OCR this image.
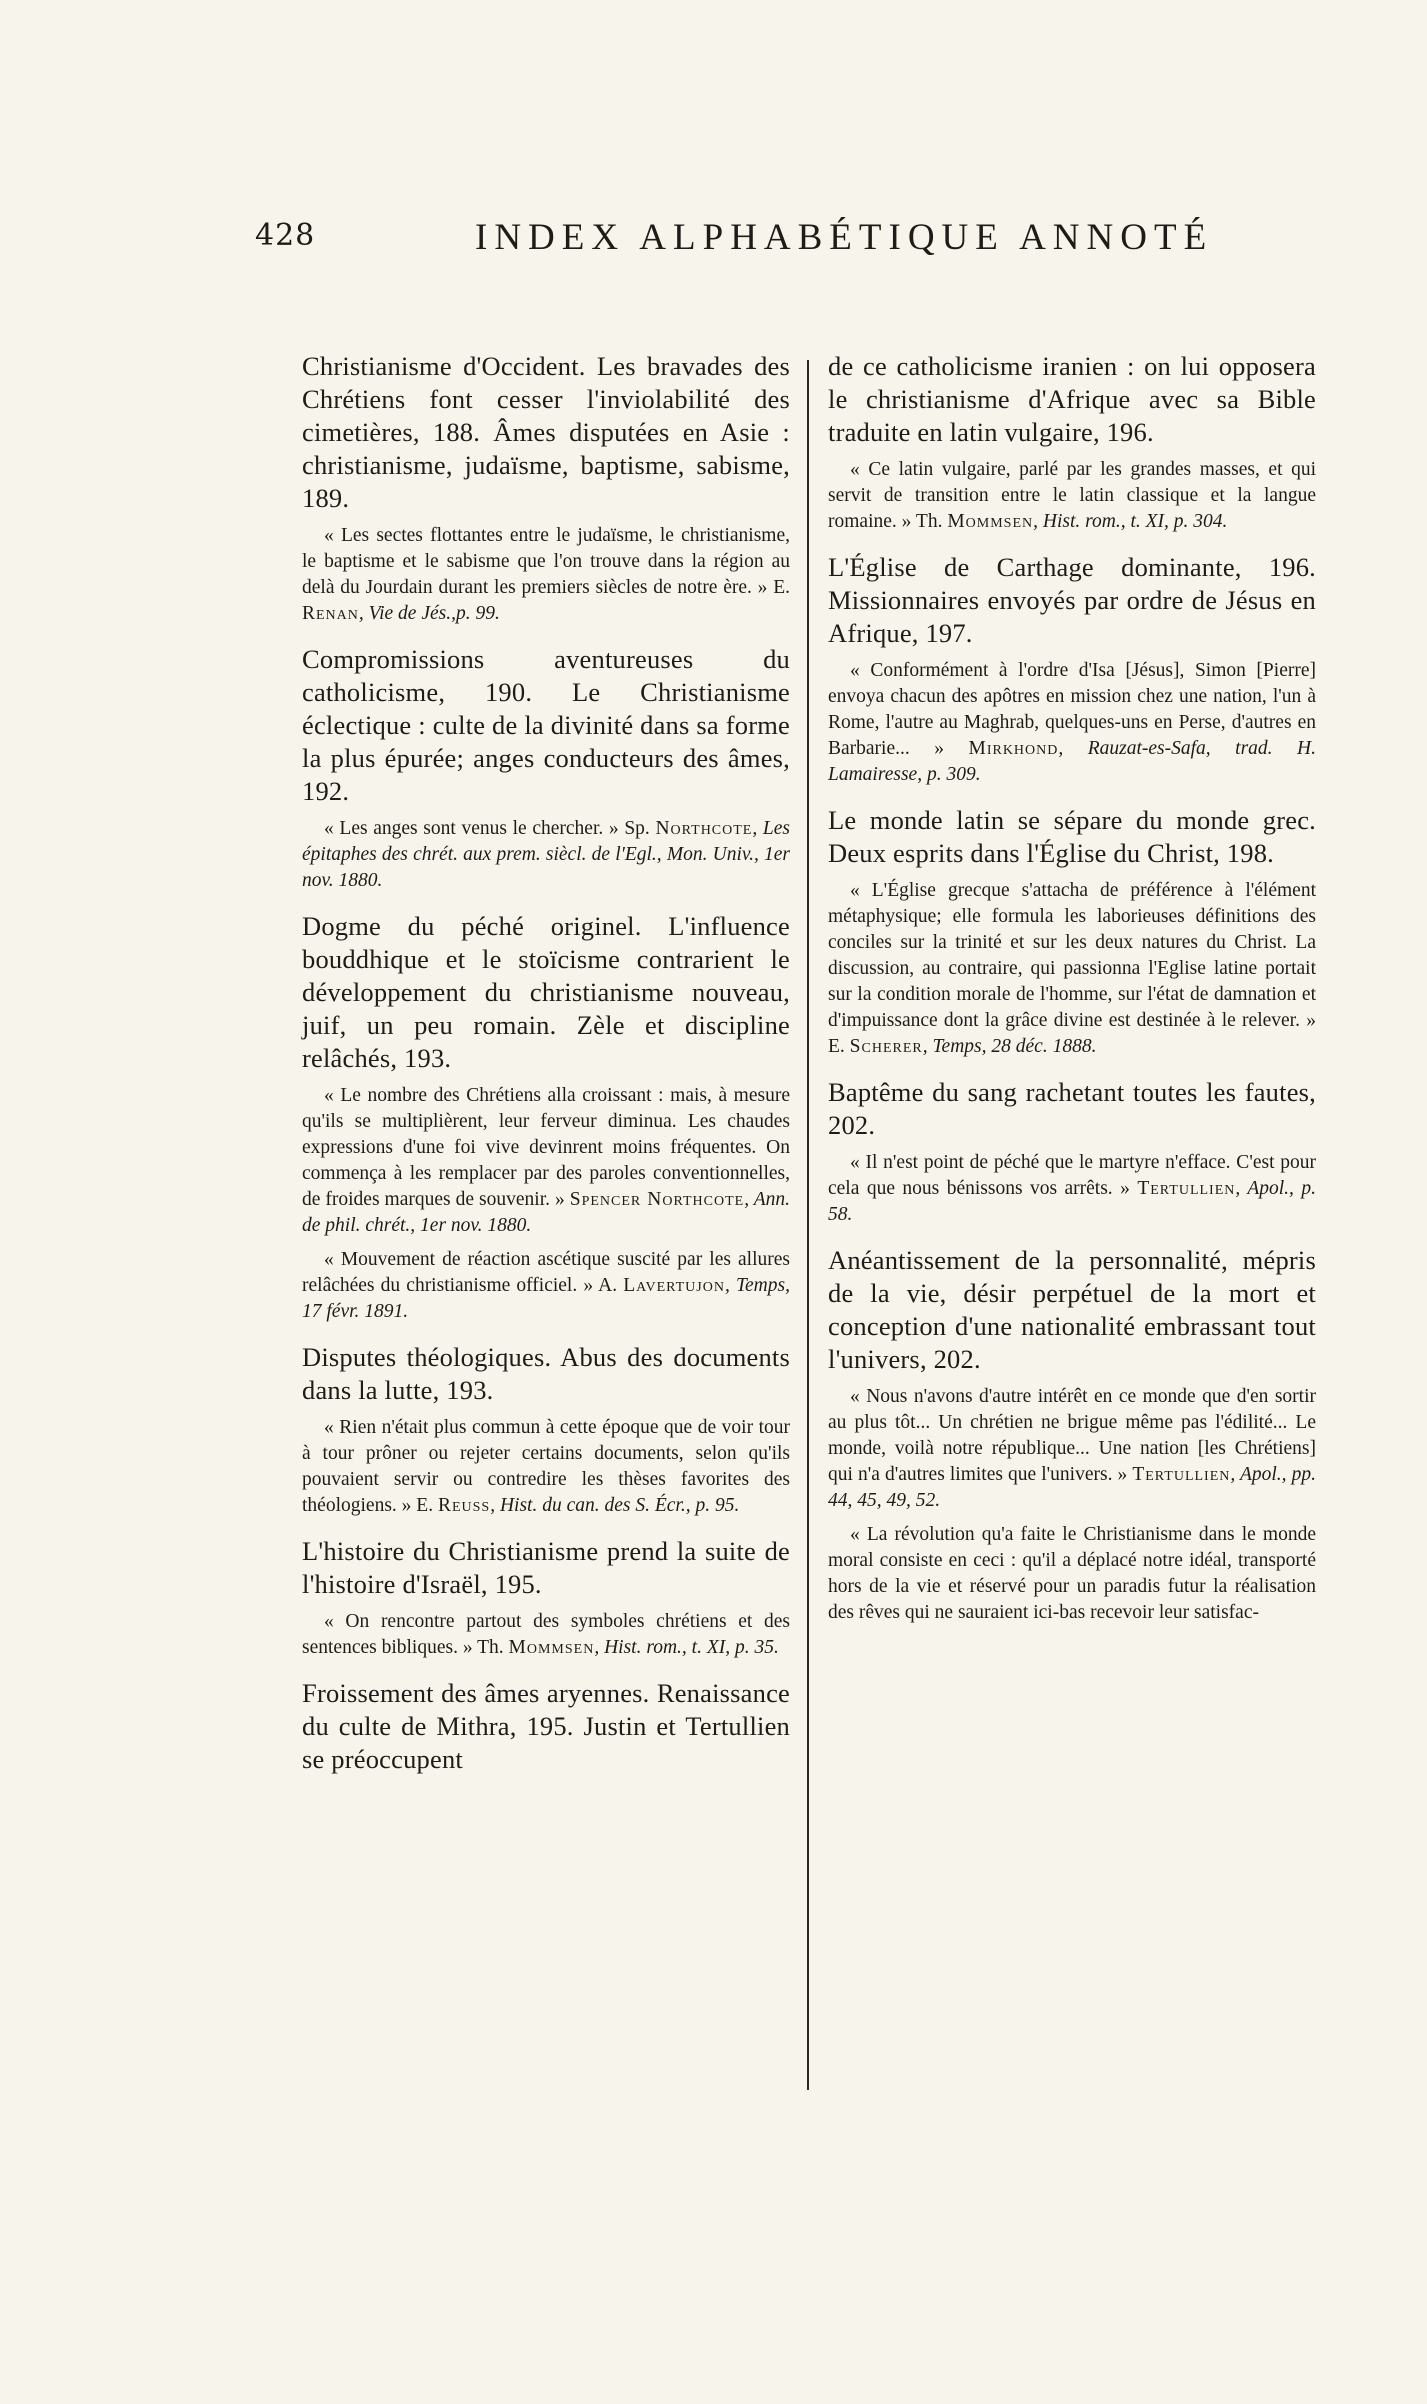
428	INDEX ALPHABÉTIQUE ANNOTÉ

Christianisme d'Occident. Les bravades des Chrétiens font cesser l'inviolabilité des cimetières, 188. Âmes disputées en Asie : christianisme, judaïsme, baptisme, sabisme, 189.

« Les sectes flottantes entre le judaïsme, le christianisme, le baptisme et le sabisme que l'on trouve dans la région au delà du Jourdain durant les premiers siècles de notre ère. » E. Renan, Vie de Jés.,p. 99.

Compromissions aventureuses du catholicisme, 190. Le Christianisme éclectique : culte de la divinité dans sa forme la plus épurée; anges conducteurs des âmes, 192.

« Les anges sont venus le chercher. » Sp. Northcote, Les épitaphes des chrét. aux prem. siècl. de l'Egl., Mon. Univ., 1er nov. 1880.

Dogme du péché originel. L'influence bouddhique et le stoïcisme contrarient le développement du christianisme nouveau, juif, un peu romain. Zèle et discipline relâchés, 193.

« Le nombre des Chrétiens alla croissant : mais, à mesure qu'ils se multiplièrent, leur ferveur diminua. Les chaudes expressions d'une foi vive devinrent moins fréquentes. On commença à les remplacer par des paroles conventionnelles, de froides marques de souvenir. » Spencer Northcote, Ann. de phil. chrét., 1er nov. 1880.

« Mouvement de réaction ascétique suscité par les allures relâchées du christianisme officiel. » A. Lavertujon, Temps, 17 févr. 1891.

Disputes théologiques. Abus des documents dans la lutte, 193.

« Rien n'était plus commun à cette époque que de voir tour à tour prôner ou rejeter certains documents, selon qu'ils pouvaient servir ou contredire les thèses favorites des théologiens. » E. Reuss, Hist. du can. des S. Écr., p. 95.

L'histoire du Christianisme prend la suite de l'histoire d'Israël, 195.

« On rencontre partout des symboles chrétiens et des sentences bibliques. » Th. Mommsen, Hist. rom., t. XI, p. 35.

Froissement des âmes aryennes. Renaissance du culte de Mithra, 195. Justin et Tertullien se préoccupent

de ce catholicisme iranien : on lui opposera le christianisme d'Afrique avec sa Bible traduite en latin vulgaire, 196.

« Ce latin vulgaire, parlé par les grandes masses, et qui servit de transition entre le latin classique et la langue romaine. » Th. Mommsen, Hist. rom., t. XI, p. 304.

L'Église de Carthage dominante, 196. Missionnaires envoyés par ordre de Jésus en Afrique, 197.

« Conformément à l'ordre d'Isa [Jésus], Simon [Pierre] envoya chacun des apôtres en mission chez une nation, l'un à Rome, l'autre au Maghrab, quelques-uns en Perse, d'autres en Barbarie... » Mirkhond, Rauzat-es-Safa, trad. H. Lamairesse, p. 309.

Le monde latin se sépare du monde grec. Deux esprits dans l'Église du Christ, 198.

« L'Église grecque s'attacha de préférence à l'élément métaphysique; elle formula les laborieuses définitions des conciles sur la trinité et sur les deux natures du Christ. La discussion, au contraire, qui passionna l'Eglise latine portait sur la condition morale de l'homme, sur l'état de damnation et d'impuissance dont la grâce divine est destinée à le relever. » E. Scherer, Temps, 28 déc. 1888.

Baptême du sang rachetant toutes les fautes, 202.

« Il n'est point de péché que le martyre n'efface. C'est pour cela que nous bénissons vos arrêts. » Tertullien, Apol., p. 58.

Anéantissement de la personnalité, mépris de la vie, désir perpétuel de la mort et conception d'une nationalité embrassant tout l'univers, 202.

« Nous n'avons d'autre intérêt en ce monde que d'en sortir au plus tôt... Un chrétien ne brigue même pas l'édilité... Le monde, voilà notre république... Une nation [les Chrétiens] qui n'a d'autres limites que l'univers. » Tertullien, Apol., pp. 44, 45, 49, 52.

« La révolution qu'a faite le Christianisme dans le monde moral consiste en ceci : qu'il a déplacé notre idéal, transporté hors de la vie et réservé pour un paradis futur la réalisation des rêves qui ne sauraient ici-bas recevoir leur satisfac-
